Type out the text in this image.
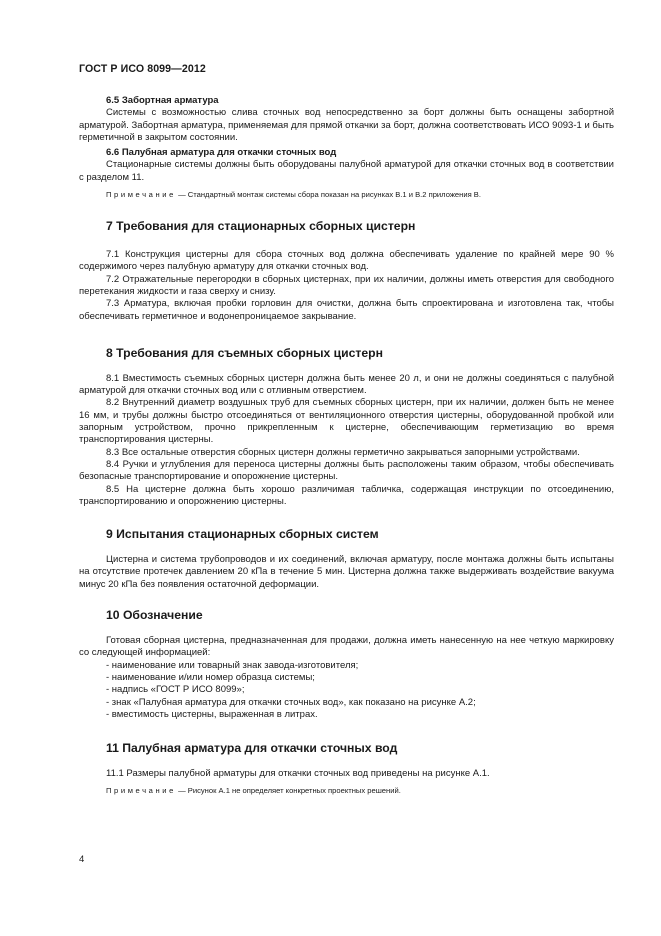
ГОСТ Р ИСО 8099—2012
6.5 Забортная арматура

Системы с возможностью слива сточных вод непосредственно за борт должны быть оснащены забортной арматурой. Забортная арматура, применяемая для прямой откачки за борт, должна соответствовать ИСО 9093-1 и быть герметичной в закрытом состоянии.

6.6 Палубная арматура для откачки сточных вод

Стационарные системы должны быть оборудованы палубной арматурой для откачки сточных вод в соответствии с разделом 11.

Примечание — Стандартный монтаж системы сбора показан на рисунках В.1 и В.2 приложения В.

7 Требования для стационарных сборных цистерн

7.1 Конструкция цистерны для сбора сточных вод должна обеспечивать удаление по крайней мере 90 % содержимого через палубную арматуру для откачки сточных вод.

7.2 Отражательные перегородки в сборных цистернах, при их наличии, должны иметь отверстия для свободного перетекания жидкости и газа сверху и снизу.

7.3 Арматура, включая пробки горловин для очистки, должна быть спроектирована и изготовлена так, чтобы обеспечивать герметичное и водонепроницаемое закрывание.

8 Требования для съемных сборных цистерн

8.1 Вместимость съемных сборных цистерн должна быть менее 20 л, и они не должны соединяться с палубной арматурой для откачки сточных вод или с отливным отверстием.

8.2 Внутренний диаметр воздушных труб для съемных сборных цистерн, при их наличии, должен быть не менее 16 мм, и трубы должны быстро отсоединяться от вентиляционного отверстия цистерны, оборудованной пробкой или запорным устройством, прочно прикрепленным к цистерне, обеспечивающим герметизацию во время транспортирования цистерны.

8.3 Все остальные отверстия сборных цистерн должны герметично закрываться запорными устройствами.

8.4 Ручки и углубления для переноса цистерны должны быть расположены таким образом, чтобы обеспечивать безопасные транспортирование и опорожнение цистерны.

8.5 На цистерне должна быть хорошо различимая табличка, содержащая инструкции по отсоединению, транспортированию и опорожнению цистерны.

9 Испытания стационарных сборных систем

Цистерна и система трубопроводов и их соединений, включая арматуру, после монтажа должны быть испытаны на отсутствие протечек давлением 20 кПа в течение 5 мин. Цистерна должна также выдерживать воздействие вакуума минус 20 кПа без появления остаточной деформации.

10 Обозначение

Готовая сборная цистерна, предназначенная для продажи, должна иметь нанесенную на нее четкую маркировку со следующей информацией:

- наименование или товарный знак завода-изготовителя;
- наименование и/или номер образца системы;
- надпись «ГОСТ Р ИСО 8099»;
- знак «Палубная арматура для откачки сточных вод», как показано на рисунке А.2;
- вместимость цистерны, выраженная в литрах.
11 Палубная арматура для откачки сточных вод

11.1 Размеры палубной арматуры для откачки сточных вод приведены на рисунке А.1.

Примечание — Рисунок А.1 не определяет конкретных проектных решений.

4
